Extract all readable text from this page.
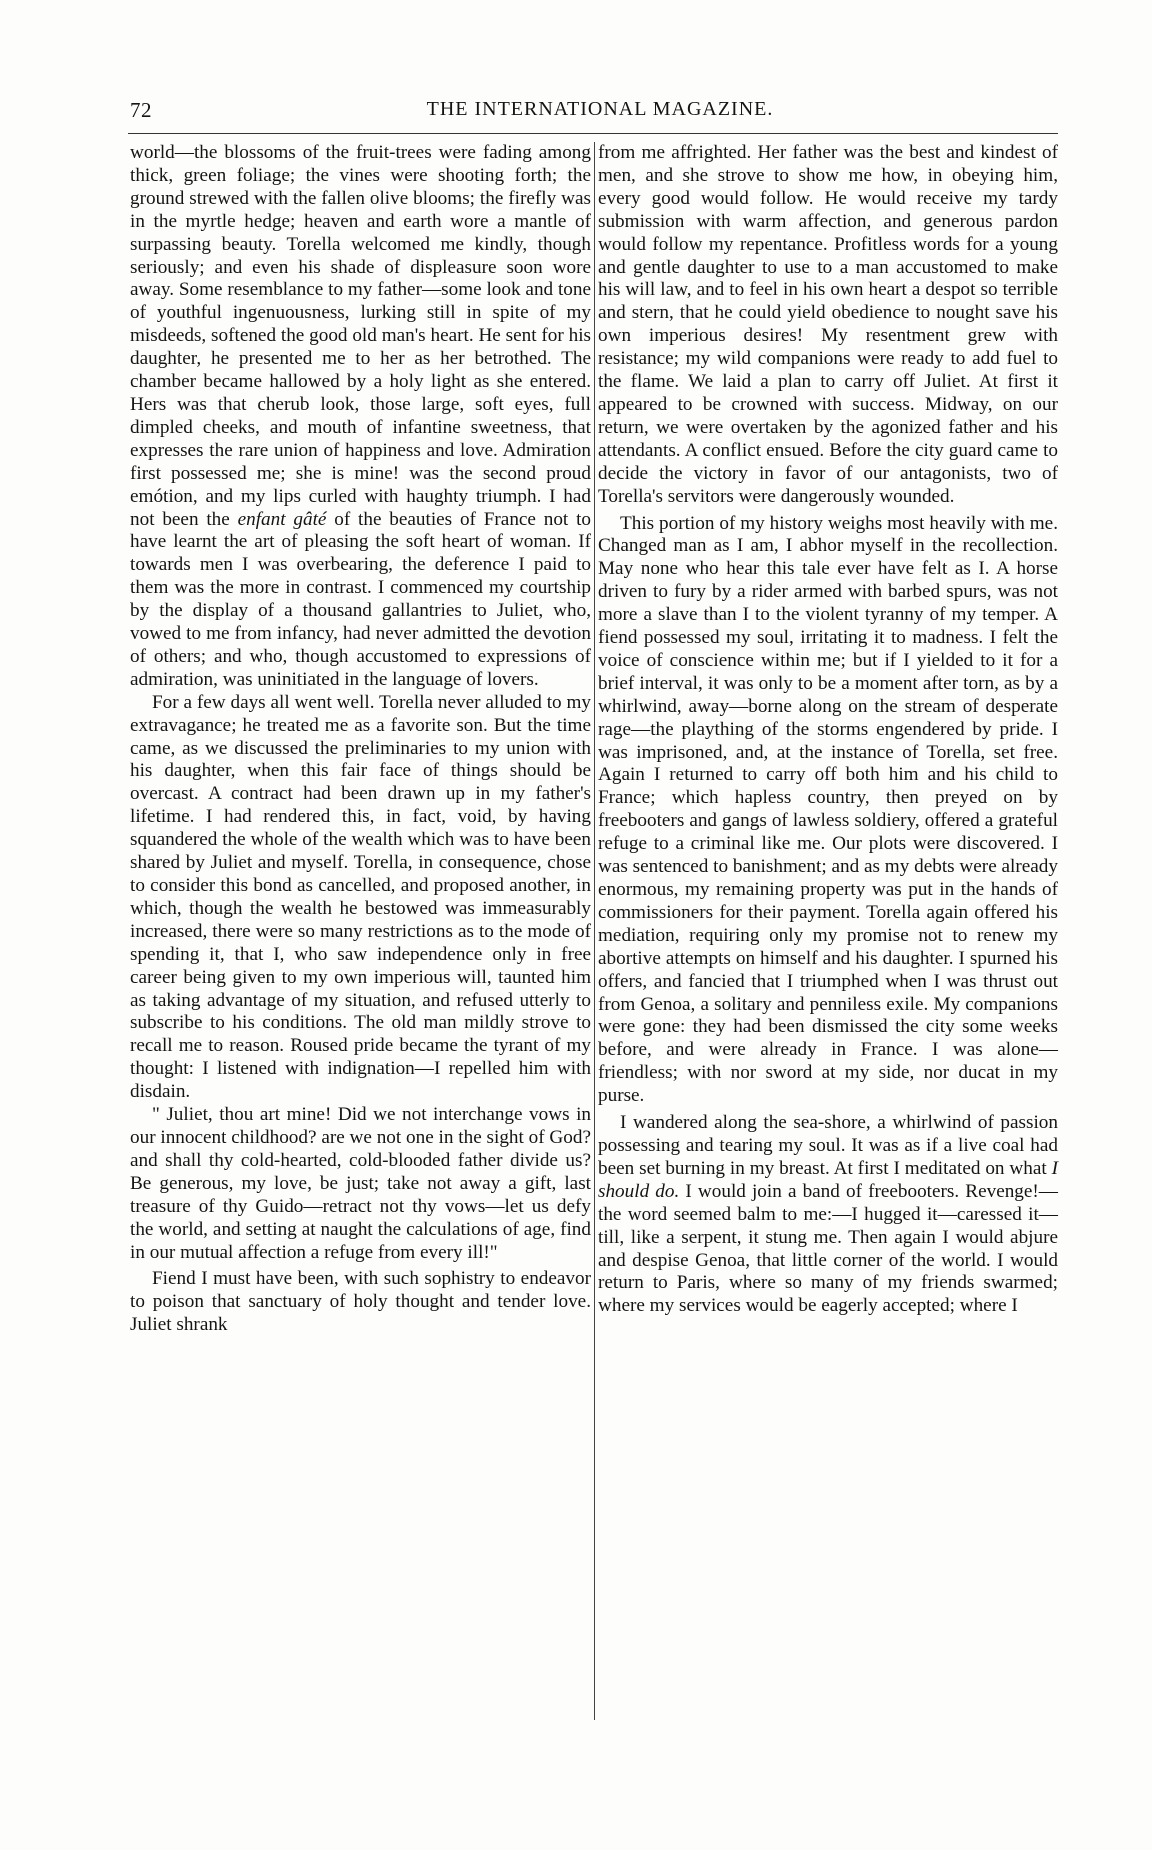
72	THE INTERNATIONAL MAGAZINE.

world—the blossoms of the fruit-trees were fading among thick, green foliage; the vines were shooting forth; the ground strewed with the fallen olive blooms; the firefly was in the myrtle hedge; heaven and earth wore a mantle of surpassing beauty. Torella welcomed me kindly, though seriously; and even his shade of displeasure soon wore away. Some resemblance to my father—some look and tone of youthful ingenuousness, lurking still in spite of my misdeeds, softened the good old man's heart. He sent for his daughter, he presented me to her as her betrothed. The chamber became hallowed by a holy light as she entered. Hers was that cherub look, those large, soft eyes, full dimpled cheeks, and mouth of infantine sweetness, that expresses the rare union of happiness and love. Admiration first possessed me; she is mine! was the second proud emótion, and my lips curled with haughty triumph. I had not been the enfant gâté of the beauties of France not to have learnt the art of pleasing the soft heart of woman. If towards men I was overbearing, the deference I paid to them was the more in contrast. I commenced my courtship by the display of a thousand gallantries to Juliet, who, vowed to me from infancy, had never admitted the devotion of others; and who, though accustomed to expressions of admiration, was uninitiated in the language of lovers.

For a few days all went well. Torella never alluded to my extravagance; he treated me as a favorite son. But the time came, as we discussed the preliminaries to my union with his daughter, when this fair face of things should be overcast. A contract had been drawn up in my father's lifetime. I had rendered this, in fact, void, by having squandered the whole of the wealth which was to have been shared by Juliet and myself. Torella, in consequence, chose to consider this bond as cancelled, and proposed another, in which, though the wealth he bestowed was immeasurably increased, there were so many restrictions as to the mode of spending it, that I, who saw independence only in free career being given to my own imperious will, taunted him as taking advantage of my situation, and refused utterly to subscribe to his conditions. The old man mildly strove to recall me to reason. Roused pride became the tyrant of my thought: I listened with indignation—I repelled him with disdain.

" Juliet, thou art mine! Did we not interchange vows in our innocent childhood? are we not one in the sight of God? and shall thy cold-hearted, cold-blooded father divide us? Be generous, my love, be just; take not away a gift, last treasure of thy Guido—retract not thy vows—let us defy the world, and setting at naught the calculations of age, find in our mutual affection a refuge from every ill!"

Fiend I must have been, with such sophistry to endeavor to poison that sanctuary of holy thought and tender love. Juliet shrank

from me affrighted. Her father was the best and kindest of men, and she strove to show me how, in obeying him, every good would follow. He would receive my tardy submission with warm affection, and generous pardon would follow my repentance. Profitless words for a young and gentle daughter to use to a man accustomed to make his will law, and to feel in his own heart a despot so terrible and stern, that he could yield obedience to nought save his own imperious desires! My resentment grew with resistance; my wild companions were ready to add fuel to the flame. We laid a plan to carry off Juliet. At first it appeared to be crowned with success. Midway, on our return, we were overtaken by the agonized father and his attendants. A conflict ensued. Before the city guard came to decide the victory in favor of our antagonists, two of Torella's servitors were dangerously wounded.

This portion of my history weighs most heavily with me. Changed man as I am, I abhor myself in the recollection. May none who hear this tale ever have felt as I. A horse driven to fury by a rider armed with barbed spurs, was not more a slave than I to the violent tyranny of my temper. A fiend possessed my soul, irritating it to madness. I felt the voice of conscience within me; but if I yielded to it for a brief interval, it was only to be a moment after torn, as by a whirlwind, away—borne along on the stream of desperate rage—the plaything of the storms engendered by pride. I was imprisoned, and, at the instance of Torella, set free. Again I returned to carry off both him and his child to France; which hapless country, then preyed on by freebooters and gangs of lawless soldiery, offered a grateful refuge to a criminal like me. Our plots were discovered. I was sentenced to banishment; and as my debts were already enormous, my remaining property was put in the hands of commissioners for their payment. Torella again offered his mediation, requiring only my promise not to renew my abortive attempts on himself and his daughter. I spurned his offers, and fancied that I triumphed when I was thrust out from Genoa, a solitary and penniless exile. My companions were gone: they had been dismissed the city some weeks before, and were already in France. I was alone—friendless; with nor sword at my side, nor ducat in my purse.

I wandered along the sea-shore, a whirlwind of passion possessing and tearing my soul. It was as if a live coal had been set burning in my breast. At first I meditated on what I should do. I would join a band of freebooters. Revenge!—the word seemed balm to me:—I hugged it—caressed it—till, like a serpent, it stung me. Then again I would abjure and despise Genoa, that little corner of the world. I would return to Paris, where so many of my friends swarmed; where my services would be eagerly accepted; where I
